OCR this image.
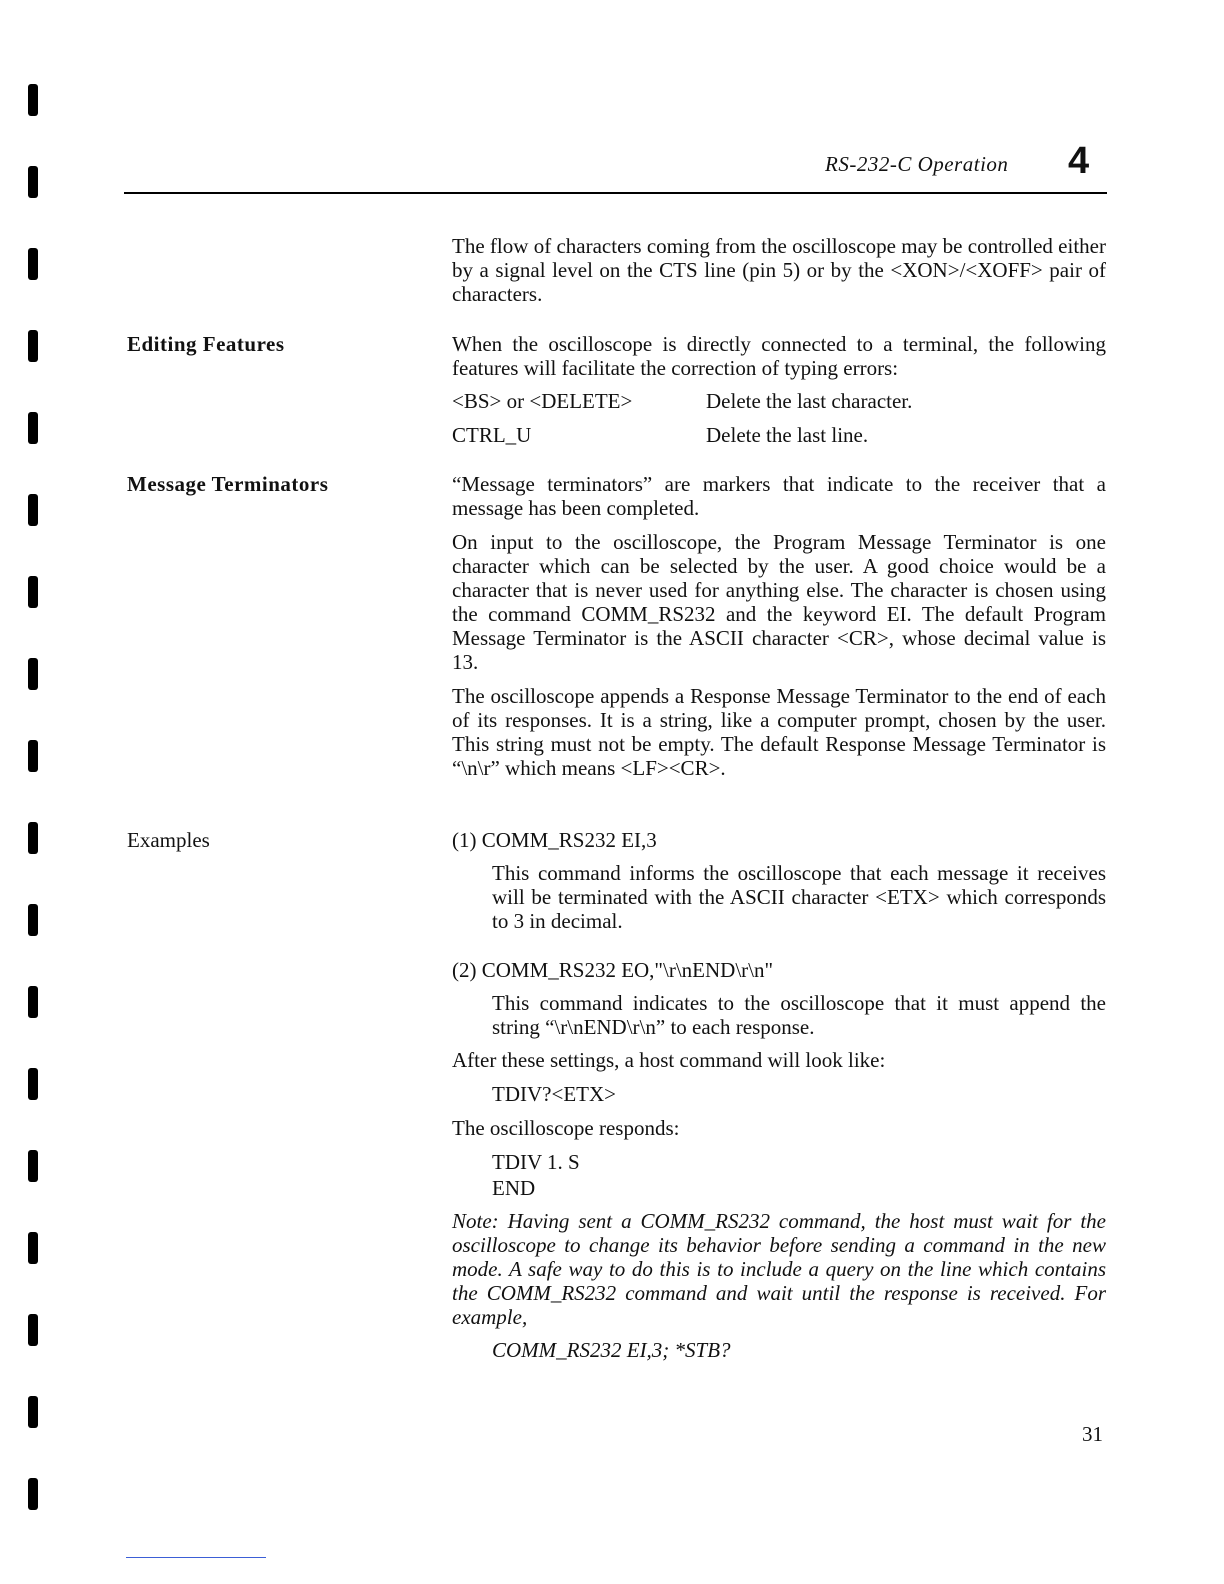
RS-232-C Operation 4

The flow of characters coming from the oscilloscope may be controlled either by a signal level on the CTS line (pin 5) or by the <XON>/<XOFF> pair of characters.

Editing Features	When the oscilloscope is directly connected to a terminal, the following features will facilitate the correction of typing errors:

<BS> or <DELETE>	Delete the last character.
CTRL_U	Delete the last line.
Message Terminators	“Message terminators” are markers that indicate to the receiver that a message has been completed.

On input to the oscilloscope, the Program Message Terminator is one character which can be selected by the user. A good choice would be a character that is never used for anything else. The character is chosen using the command COMM_RS232 and the keyword EI. The default Program Message Terminator is the ASCII character <CR>, whose decimal value is 13.

The oscilloscope appends a Response Message Terminator to the end of each of its responses. It is a string, like a computer prompt, chosen by the user. This string must not be empty. The default Response Message Terminator is “\n\r” which means <LF><CR>.

Examples	(1) COMM_RS232 EI,3

This command informs the oscilloscope that each message it receives will be terminated with the ASCII character <ETX> which corresponds to 3 in decimal.

(2) COMM_RS232 EO,"\r\nEND\r\n"

This command indicates to the oscilloscope that it must append the string “\r\nEND\r\n” to each response.

After these settings, a host command will look like:
TDIV?<ETX>
The oscilloscope responds:
TDIV 1. S
END

Note: Having sent a COMM_RS232 command, the host must wait for the oscilloscope to change its behavior before sending a command in the new mode. A safe way to do this is to include a query on the line which contains the COMM_RS232 command and wait until the response is received. For example,

COMM_RS232 EI,3; *STB?
31
